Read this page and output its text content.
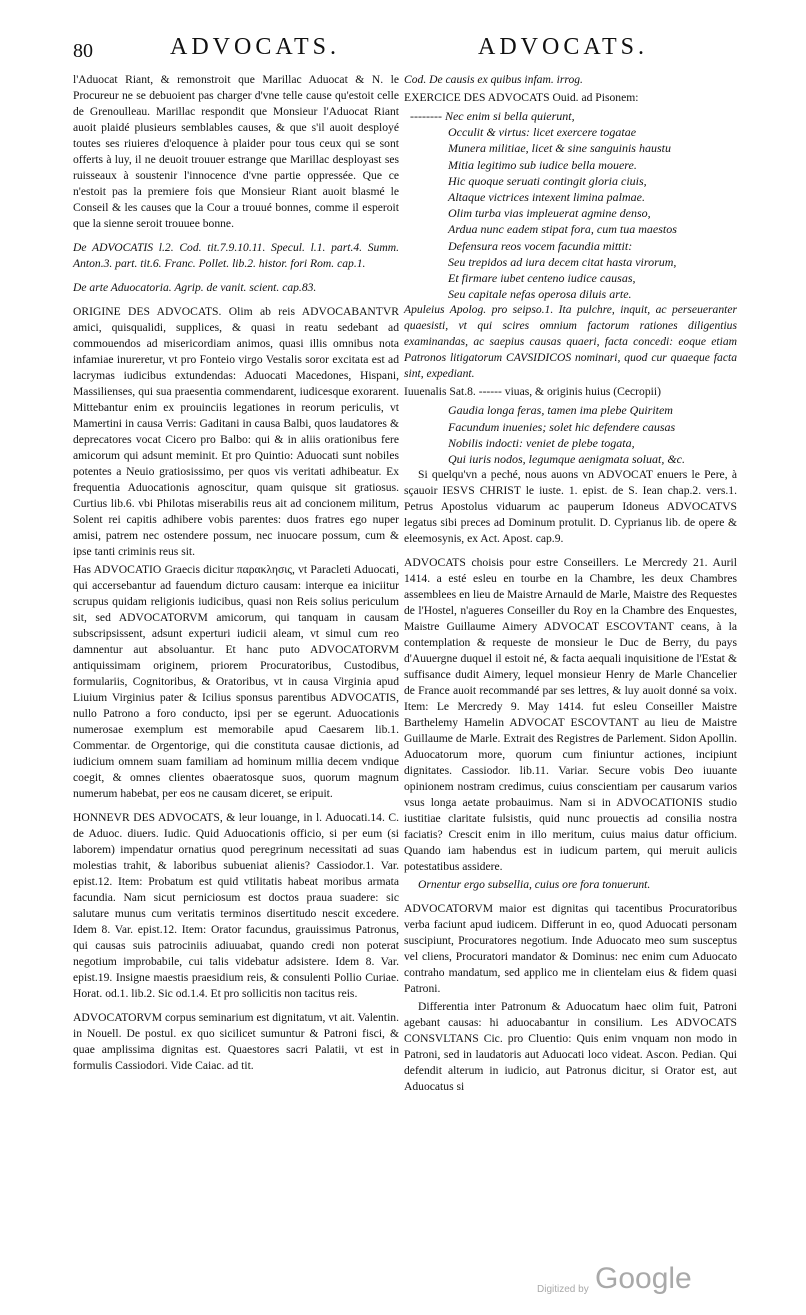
80	ADVOCATS.	ADVOCATS.

l'Aduocat Riant, & remonstroit que Marillac Aduocat & N. le Procureur ne se debuoient pas charger d'vne telle cause qu'estoit celle de Grenoulleau. Marillac respondit que Monsieur l'Aduocat Riant auoit plaidé plusieurs semblables causes, & que s'il auoit desployé toutes ses riuieres d'eloquence à plaider pour tous ceux qui se sont offerts à luy, il ne deuoit trouuer estrange que Marillac desployast ses ruisseaux à soustenir l'innocence d'vne partie oppressée. Que ce n'estoit pas la premiere fois que Monsieur Riant auoit blasmé le Conseil & les causes que la Cour a trouué bonnes, comme il esperoit que la sienne seroit trouuee bonne.

De ADVOCATIS l.2. Cod. tit.7.9.10.11. Specul. l.1. part.4. Summ. Anton.3. part. tit.6. Franc. Pollet. lib.2. histor. fori Rom. cap.1.

De arte Aduocatoria. Agrip. de vanit. scient. cap.83.

ORIGINE DES ADVOCATS. Olim ab reis ADVOCABANTVR amici, quisqualidi, supplices, & quasi in reatu sedebant ad commouendos ad misericordiam animos, quasi illis omnibus nota infamiae inureretur, vt pro Fonteio virgo Vestalis soror excitata est ad lacrymas iudicibus extundendas: Aduocati Macedones, Hispani, Massilienses, qui sua praesentia commendarent, iudicesque exorarent. Mittebantur enim ex prouinciis legationes in reorum periculis, vt Mamertini in causa Verris: Gaditani in causa Balbi, quos laudatores & deprecatores vocat Cicero pro Balbo: qui & in aliis orationibus fere amicorum qui adsunt meminit. Et pro Quintio: Aduocati sunt nobiles potentes a Neuio gratiosissimo, per quos vis veritati adhibeatur. Ex frequentia Aduocationis agnoscitur, quam quisque sit gratiosus. Curtius lib.6. vbi Philotas miserabilis reus ait ad concionem militum, Solent rei capitis adhibere vobis parentes: duos fratres ego nuper amisi, patrem nec ostendere possum, nec inuocare possum, cum & ipse tanti criminis reus sit.

Has ADVOCATIO Graecis dicitur παρακλησις, vt Paracleti Aduocati, qui accersebantur ad fauendum dicturo causam: interque ea iniciitur scrupus quidam religionis iudicibus, quasi non Reis solius periculum sit, sed ADVOCATORVM amicorum, qui tanquam in causam subscripsissent, adsunt experturi iudicii aleam, vt simul cum reo damnentur aut absoluantur. Et hanc puto ADVOCATORVM antiquissimam originem, priorem Procuratoribus, Custodibus, formulariis, Cognitoribus, & Oratoribus, vt in causa Virginia apud Liuium Virginius pater & Icilius sponsus parentibus ADVOCATIS, nullo Patrono a foro conducto, ipsi per se egerunt. Aduocationis numerosae exemplum est memorabile apud Caesarem lib.1. Commentar. de Orgentorige, qui die constituta causae dictionis, ad iudicium omnem suam familiam ad hominum millia decem vndique coegit, & omnes clientes obaeratosque suos, quorum magnum numerum habebat, per eos ne causam diceret, se eripuit.

HONNEVR DES ADVOCATS, & leur louange, in l. Aduocati.14. C. de Aduoc. diuers. Iudic. Quid Aduocationis officio, si per eum (si laborem) impendatur ornatius quod peregrinum necessitati ad suas molestias trahit, & laboribus subueniat alienis? Cassiodor.1. Var. epist.12. Item: Probatum est quid vtilitatis habeat moribus armata facundia. Nam sicut perniciosum est doctos praua suadere: sic salutare munus cum veritatis terminos disertitudo nescit excedere. Idem 8. Var. epist.12. Item: Orator facundus, grauissimus Patronus, qui causas suis patrociniis adiuuabat, quando credi non poterat negotium improbabile, cui talis videbatur adsistere. Idem 8. Var. epist.19. Insigne maestis praesidium reis, & consulenti Pollio Curiae. Horat. od.1. lib.2. Sic od.1.4. Et pro sollicitis non tacitus reis.

ADVOCATORVM corpus seminarium est dignitatum, vt ait. Valentin. in Nouell. De postul. ex quo sicilicet sumuntur & Patroni fisci, & quae amplissima dignitas est. Quaestores sacri Palatii, vt est in formulis Cassiodori. Vide Caiac. ad tit.

Cod. De causis ex quibus infam. irrog.

EXERCICE DES ADVOCATS Ouid. ad Pisonem:

-------- Nec enim si bella quierunt,

Occulit & virtus: licet exercere togatae

Munera militiae, licet & sine sanguinis haustu

Mitia legitimo sub iudice bella mouere.

Hic quoque seruati contingit gloria ciuis,

Altaque victrices intexent limina palmae.

Olim turba vias impleuerat agmine denso,

Ardua nunc eadem stipat fora, cum tua maestos

Defensura reos vocem facundia mittit:

Seu trepidos ad iura decem citat hasta virorum,

Et firmare iubet centeno iudice causas,

Seu capitale nefas operosa diluis arte.

Apuleius Apolog. pro seipso.1. Ita pulchre, inquit, ac perseueranter quaesisti, vt qui scires omnium factorum rationes diligentius examinandas, ac saepius causas quaeri, facta concedi: eoque etiam Patronos litigatorum CAVSIDICOS nominari, quod cur quaeque facta sint, expediant.

Iuuenalis Sat.8. ------ viuas, & originis huius (Cecropii)

Gaudia longa feras, tamen ima plebe Quiritem

Facundum inuenies; solet hic defendere causas

Nobilis indocti: veniet de plebe togata,

Qui iuris nodos, legumque aenigmata soluat, &c.

Si quelqu'vn a peché, nous auons vn ADVOCAT enuers le Pere, à sçauoir IESVS CHRIST le iuste. 1. epist. de S. Iean chap.2. vers.1. Petrus Apostolus viduarum ac pauperum Idoneus ADVOCATVS legatus sibi preces ad Dominum protulit. D. Cyprianus lib. de opere & eleemosynis, ex Act. Apost. cap.9.

ADVOCATS choisis pour estre Conseillers. Le Mercredy 21. Auril 1414. a esté esleu en tourbe en la Chambre, les deux Chambres assemblees en lieu de Maistre Arnauld de Marle, Maistre des Requestes de l'Hostel, n'agueres Conseiller du Roy en la Chambre des Enquestes, Maistre Guillaume Aimery ADVOCAT ESCOVTANT ceans, à la contemplation & requeste de monsieur le Duc de Berry, du pays d'Auuergne duquel il estoit né, & facta aequali inquisitione de l'Estat & suffisance dudit Aimery, lequel monsieur Henry de Marle Chancelier de France auoit recommandé par ses lettres, & luy auoit donné sa voix. Item: Le Mercredy 9. May 1414. fut esleu Conseiller Maistre Barthelemy Hamelin ADVOCAT ESCOVTANT au lieu de Maistre Guillaume de Marle. Extrait des Registres de Parlement. Sidon Apollin. Aduocatorum more, quorum cum finiuntur actiones, incipiunt dignitates. Cassiodor. lib.11. Variar. Secure vobis Deo iuuante opinionem nostram credimus, cuius conscientiam per causarum varios vsus longa aetate probauimus. Nam si in ADVOCATIONIS studio iustitiae claritate fulsistis, quid nunc prouectis ad consilia nostra faciatis? Crescit enim in illo meritum, cuius maius datur officium. Quando iam habendus est in iudicum partem, qui meruit aulicis potestatibus assidere.

Ornentur ergo subsellia, cuius ore fora tonuerunt.

ADVOCATORVM maior est dignitas qui tacentibus Procuratoribus verba faciunt apud iudicem. Differunt in eo, quod Aduocati personam suscipiunt, Procuratores negotium. Inde Aduocato meo sum susceptus vel cliens, Procuratori mandator & Dominus: nec enim cum Aduocato contraho mandatum, sed applico me in clientelam eius & fidem quasi Patroni.

Differentia inter Patronum & Aduocatum haec olim fuit, Patroni agebant causas: hi aduocabantur in consilium. Les ADVOCATS CONSVLTANS Cic. pro Cluentio: Quis enim vnquam non modo in Patroni, sed in laudatoris aut Aduocati loco videat. Ascon. Pedian. Qui defendit alterum in iudicio, aut Patronus dicitur, si Orator est, aut Aduocatus si

Digitized by Google
